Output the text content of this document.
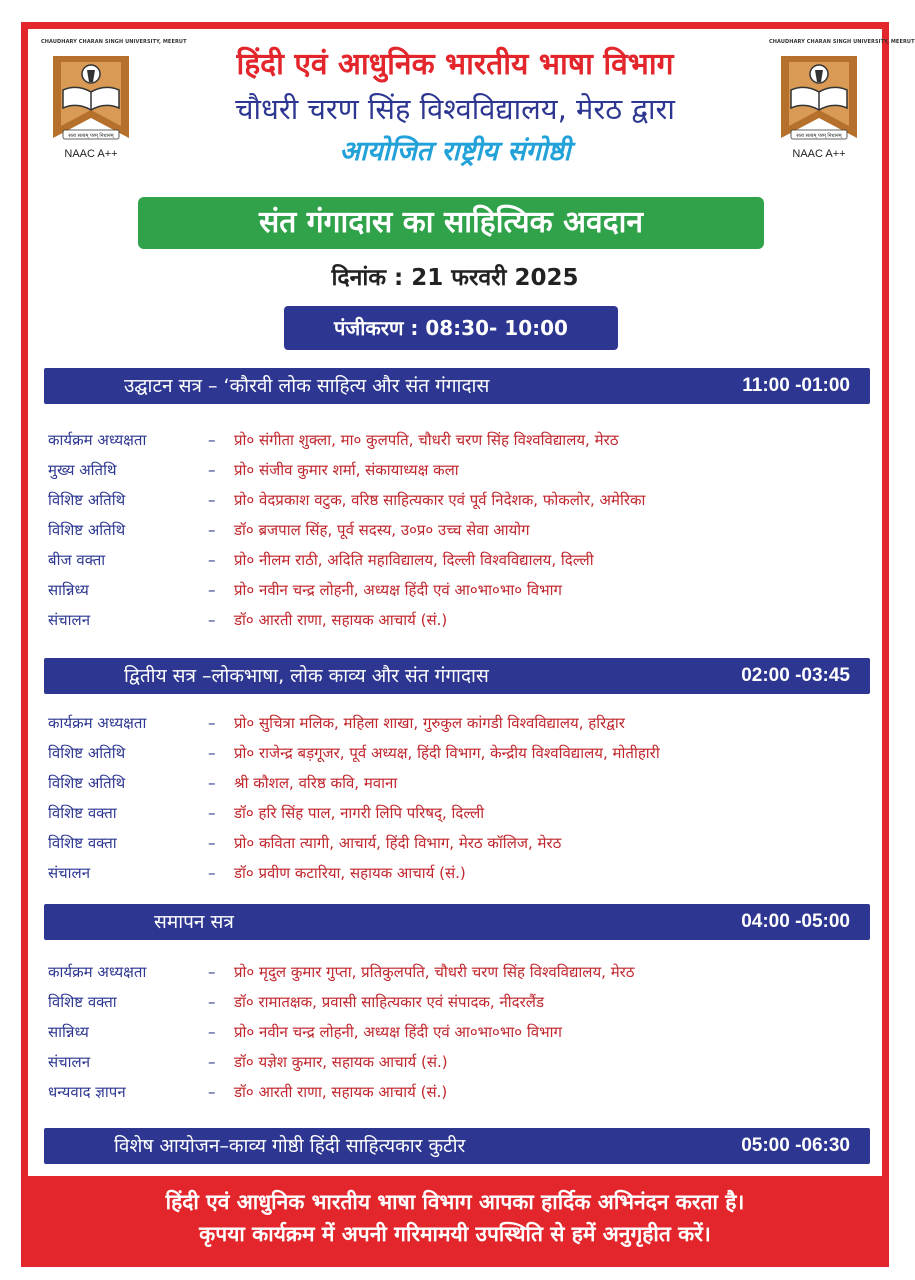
CHAUDHARY CHARAN SINGH UNIVERSITY, MEERUT
सत्य सत्यम् परम् निधानम्
NAAC A++
CHAUDHARY CHARAN SINGH UNIVERSITY, MEERUT
सत्य सत्यम् परम् निधानम्
NAAC A++
हिंदी एवं आधुनिक भारतीय भाषा विभाग
चौधरी चरण सिंह विश्वविद्यालय, मेरठ द्वारा
आयोजित राष्ट्रीय संगोष्ठी
संत गंगादास का साहित्यिक अवदान
दिनांक : 21 फरवरी 2025
पंजीकरण : 08:30- 10:00
उद्घाटन सत्र – ‘कौरवी लोक साहित्य और संत गंगादास	11:00 -01:00
कार्यक्रम अध्यक्षता	– प्रो० संगीता शुक्ला, मा० कुलपति, चौधरी चरण सिंह विश्वविद्यालय, मेरठ
मुख्य अतिथि	– प्रो० संजीव कुमार शर्मा, संकायाध्यक्ष कला
विशिष्ट अतिथि	– प्रो० वेदप्रकाश वटुक, वरिष्ठ साहित्यकार एवं पूर्व निदेशक, फोकलोर, अमेरिका
विशिष्ट अतिथि	– डॉ० ब्रजपाल सिंह, पूर्व सदस्य, उ०प्र० उच्च सेवा आयोग
बीज वक्ता	– प्रो० नीलम राठी, अदिति महाविद्यालय, दिल्ली विश्वविद्यालय, दिल्ली
सान्निध्य	– प्रो० नवीन चन्द्र लोहनी, अध्यक्ष हिंदी एवं आ०भा०भा० विभाग
संचालन	– डॉ० आरती राणा, सहायक आचार्य (सं.)
द्वितीय सत्र –लोकभाषा, लोक काव्य और संत गंगादास	02:00 -03:45
कार्यक्रम अध्यक्षता	– प्रो० सुचित्रा मलिक, महिला शाखा, गुरुकुल कांगडी विश्वविद्यालय, हरिद्वार
विशिष्ट अतिथि	– प्रो० राजेन्द्र बड़गूजर, पूर्व अध्यक्ष, हिंदी विभाग, केन्द्रीय विश्वविद्यालय, मोतीहारी
विशिष्ट अतिथि	– श्री कौशल, वरिष्ठ कवि, मवाना
विशिष्ट वक्ता	– डॉ० हरि सिंह पाल, नागरी लिपि परिषद्, दिल्ली
विशिष्ट वक्ता	– प्रो० कविता त्यागी, आचार्य, हिंदी विभाग, मेरठ कॉलिज, मेरठ
संचालन	– डॉ० प्रवीण कटारिया, सहायक आचार्य (सं.)
समापन सत्र	04:00 -05:00
कार्यक्रम अध्यक्षता	– प्रो० मृदुल कुमार गुप्ता, प्रतिकुलपति, चौधरी चरण सिंह विश्वविद्यालय, मेरठ
विशिष्ट वक्ता	– डॉ० रामातक्षक, प्रवासी साहित्यकार एवं संपादक, नीदरलैंड
सान्निध्य	– प्रो० नवीन चन्द्र लोहनी, अध्यक्ष हिंदी एवं आ०भा०भा० विभाग
संचालन	– डॉ० यज्ञेश कुमार, सहायक आचार्य (सं.)
धन्यवाद ज्ञापन	– डॉ० आरती राणा, सहायक आचार्य (सं.)
विशेष आयोजन–काव्य गोष्ठी हिंदी साहित्यकार कुटीर	05:00 -06:30
हिंदी एवं आधुनिक भारतीय भाषा विभाग आपका हार्दिक अभिनंदन करता है।
कृपया कार्यक्रम में अपनी गरिमामयी उपस्थिति से हमें अनुगृहीत करें।
